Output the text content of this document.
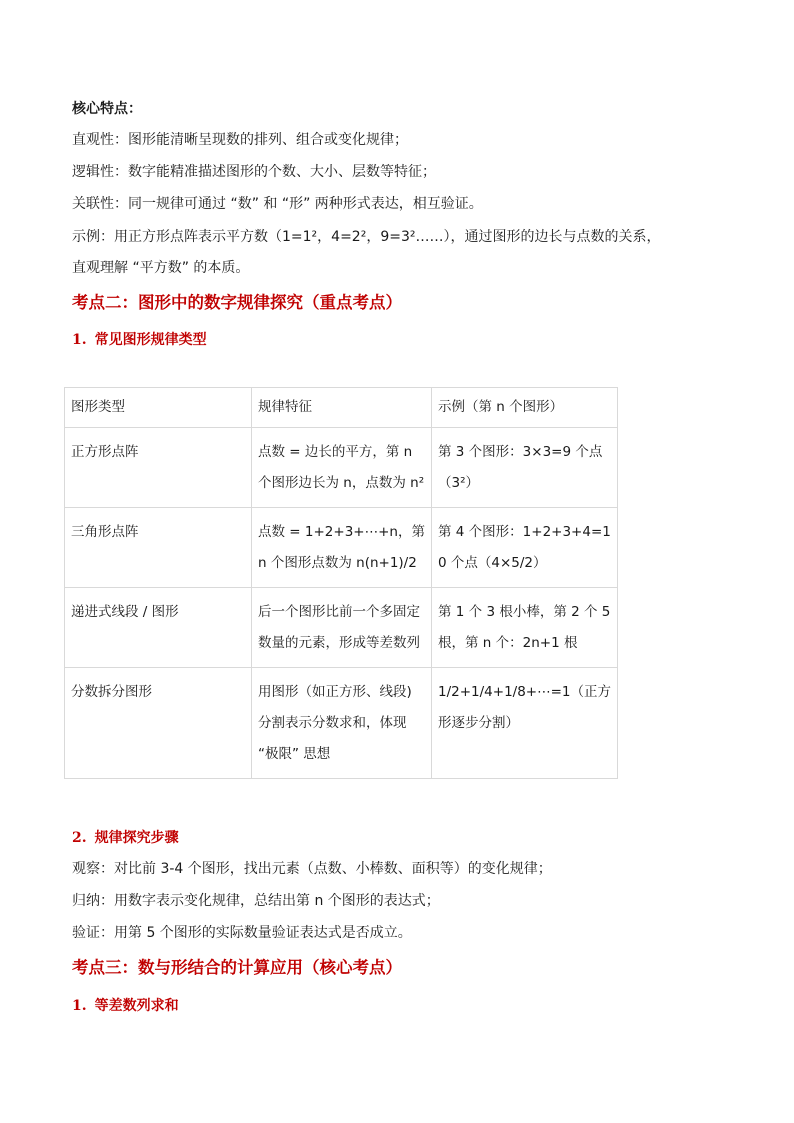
核心特点：
直观性：图形能清晰呈现数的排列、组合或变化规律；
逻辑性：数字能精准描述图形的个数、大小、层数等特征；
关联性：同一规律可通过 “数” 和 “形” 两种形式表达，相互验证。
示例：用正方形点阵表示平方数（1=1²，4=2²，9=3²……），通过图形的边长与点数的关系，
直观理解 “平方数” 的本质。
考点二：图形中的数字规律探究（重点考点）
1. 常见图形规律类型
图形类型	规律特征	示例（第 n 个图形）
正方形点阵	点数 = 边长的平方，第 n 个图形边长为 n，点数为 n²	第 3 个图形：3×3=9 个点（3²）
三角形点阵	点数 = 1+2+3+⋯+n，第 n 个图形点数为 n(n+1)/2	第 4 个图形：1+2+3+4=10 个点（4×5/2）
递进式线段 / 图形	后一个图形比前一个多固定数量的元素，形成等差数列	第 1 个 3 根小棒，第 2 个 5 根，第 n 个：2n+1 根
分数拆分图形	用图形（如正方形、线段)分割表示分数求和，体现 “极限” 思想	1/2+1/4+1/8+⋯=1（正方形逐步分割）
2. 规律探究步骤
观察：对比前 3-4 个图形，找出元素（点数、小棒数、面积等）的变化规律；
归纳：用数字表示变化规律，总结出第 n 个图形的表达式；
验证：用第 5 个图形的实际数量验证表达式是否成立。
考点三：数与形结合的计算应用（核心考点）
1. 等差数列求和
